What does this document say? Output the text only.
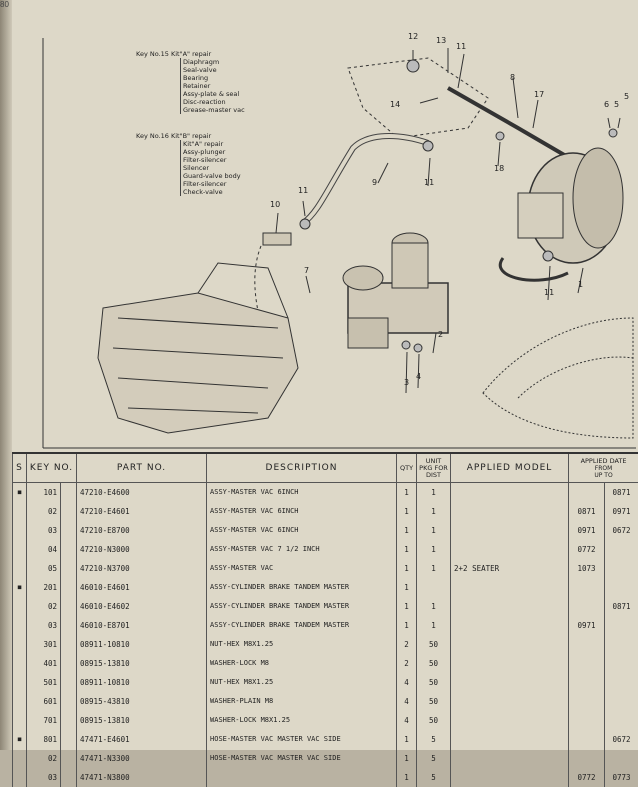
80
Key No.15 Kit"A" repair
Diaphragm
Seal-valve
Bearing
Retainer
Assy-plate & seal
Disc-reaction
Grease-master vac
Key No.16 Kit"B" repair
Kit"A" repair
Assy-plunger
Filter-silencer
Silencer
Guard-valve body
Filter-silencer
Check-valve
12 13
11
8
17
14
18
6 5
5
9	11
11
10
11
1
7
2
3
4
S	KEY NO.		PART NO.	DESCRIPTION	QTY	UNIT PKG FOR DIST	APPLIED MODEL	APPLIED DATE
FROM
UP TO	

■	101		47210-E4600	ASSY-MASTER VAC 6INCH	1	1			0871
	02		47210-E4601	ASSY-MASTER VAC 6INCH	1	1		0871	0971
	03		47210-E8700	ASSY-MASTER VAC 6INCH	1	1		0971	0672
	04		47210-N3000	ASSY-MASTER VAC 7 1/2 INCH	1	1		0772	
	05		47210-N3700	ASSY-MASTER VAC	1	1	2+2 SEATER	1073	
■	201		46010-E4601	ASSY-CYLINDER BRAKE TANDEM MASTER	1				
	02		46010-E4602	ASSY-CYLINDER BRAKE TANDEM MASTER	1	1			0871
	03		46010-E8701	ASSY-CYLINDER BRAKE TANDEM MASTER	1	1		0971	
	301		08911-10810	NUT-HEX M8X1.25	2	50			
	401		08915-13810	WASHER-LOCK M8	2	50			
	501		08911-10810	NUT-HEX M8X1.25	4	50			
	601		08915-43810	WASHER-PLAIN M8	4	50			
	701		08915-13810	WASHER-LOCK M8X1.25	4	50			
■	801		47471-E4601	HOSE-MASTER VAC MASTER VAC SIDE	1	5			0672
	02		47471-N3300	HOSE-MASTER VAC MASTER VAC SIDE	1	5			
	03		47471-N3800		1	5		0772	0773
